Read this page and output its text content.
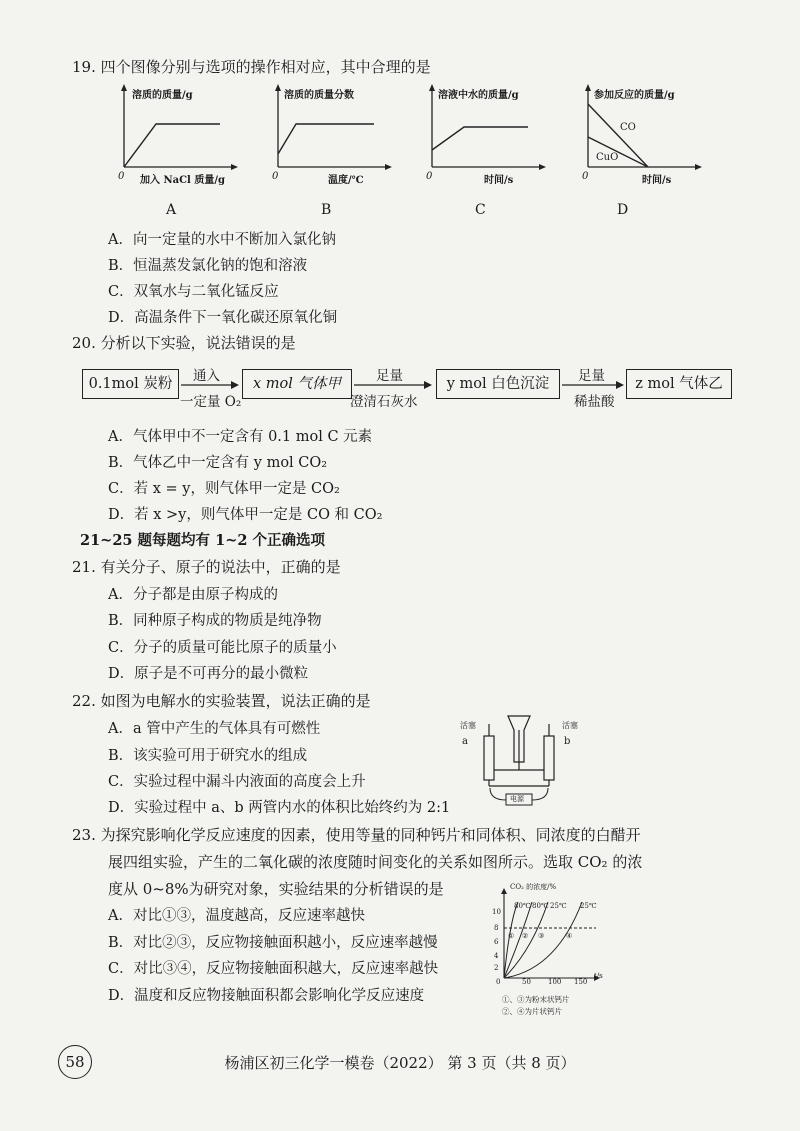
19. 四个图像分别与选项的操作相对应，其中合理的是
溶质的质量/g
0 加入 NaCl 质量/g
A
溶质的质量分数
0	温度/℃
B
溶液中水的质量/g
0	时间/s
C
参加反应的质量/g
0	时间/s
CO
CuO
D
A．向一定量的水中不断加入氯化钠
B．恒温蒸发氯化钠的饱和溶液
C．双氧水与二氧化锰反应
D．高温条件下一氧化碳还原氧化铜
20. 分析以下实验，说法错误的是
0.1mol 炭粉	通入
一定量 O₂
x mol 气体甲	足量
澄清石灰水
y mol 白色沉淀	足量
稀盐酸
z mol 气体乙
A．气体甲中不一定含有 0.1 mol C 元素
B．气体乙中一定含有 y mol CO₂
C．若 x = y，则气体甲一定是 CO₂
D．若 x >y，则气体甲一定是 CO 和 CO₂
21~25 题每题均有 1~2 个正确选项
21. 有关分子、原子的说法中，正确的是
A．分子都是由原子构成的
B．同种原子构成的物质是纯净物
C．分子的质量可能比原子的质量小
D．原子是不可再分的最小微粒
22. 如图为电解水的实验装置，说法正确的是
A．a 管中产生的气体具有可燃性
B．该实验可用于研究水的组成
C．实验过程中漏斗内液面的高度会上升
D．实验过程中 a、b 两管内水的体积比始终约为 2:1
活塞	活塞
a	b
电源
23. 为探究影响化学反应速度的因素，使用等量的同种钙片和同体积、同浓度的白醋开
展四组实验，产生的二氧化碳的浓度随时间变化的关系如图所示。选取 CO₂ 的浓
度从 0~8%为研究对象，实验结果的分析错误的是
A．对比①③，温度越高，反应速率越快
B．对比②③，反应物接触面积越小，反应速率越慢
C．对比③④，反应物接触面积越大，反应速率越快
D．温度和反应物接触面积都会影响化学反应速度
CO₂ 的浓度/%
80℃ 80℃ 25℃ 25℃
10
8
6
4
2
0	50 100 150
t/s
① ② ③	④
①、③为粉末状钙片
②、④为片状钙片
58	杨浦区初三化学一模卷（2022） 第 3 页（共 8 页）
